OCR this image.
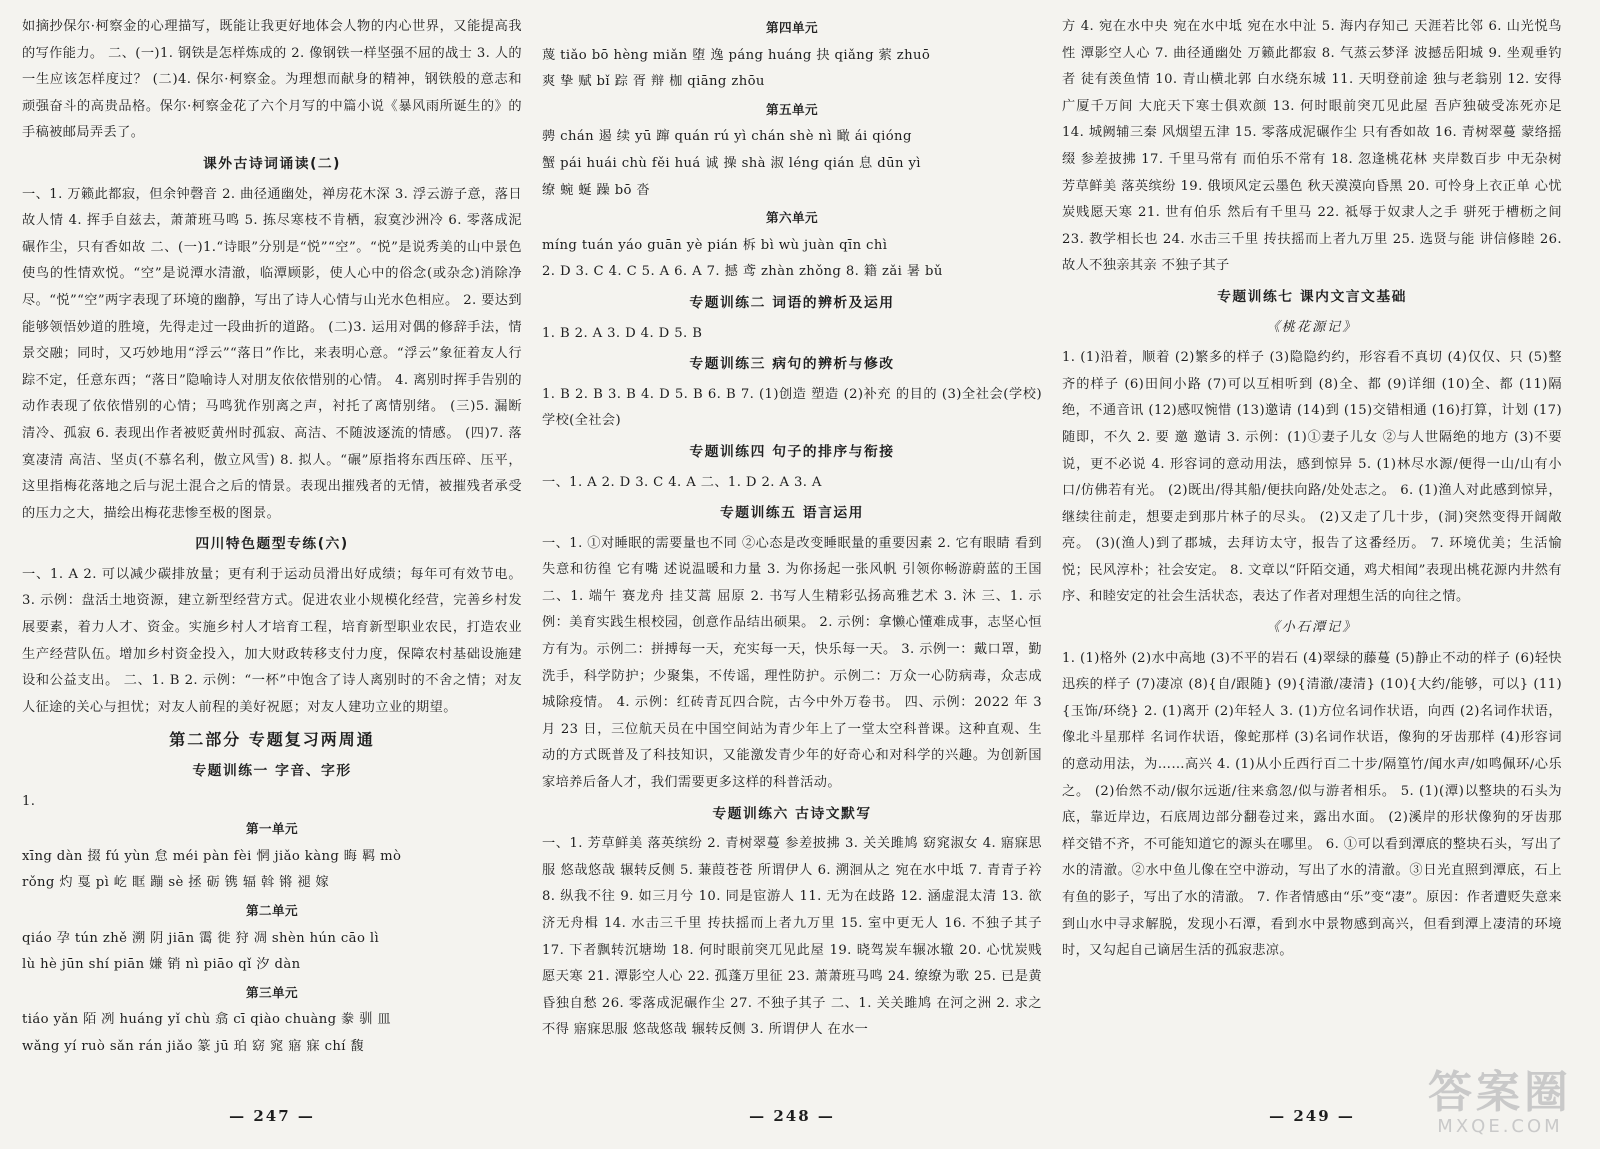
如摘抄保尔·柯察金的心理描写，既能让我更好地体会人物的内心世界，又能提高我的写作能力。 二、(一)1. 钢铁是怎样炼成的 2. 像钢铁一样坚强不屈的战士 3. 人的一生应该怎样度过？ (二)4. 保尔·柯察金。为理想而献身的精神，钢铁般的意志和顽强奋斗的高贵品格。保尔·柯察金花了六个月写的中篇小说《暴风雨所诞生的》的手稿被邮局弄丢了。

课外古诗词诵读(二)

一、1. 万籁此都寂，但余钟磬音 2. 曲径通幽处，禅房花木深 3. 浮云游子意，落日故人情 4. 挥手自兹去，萧萧班马鸣 5. 拣尽寒枝不肯栖，寂寞沙洲冷 6. 零落成泥碾作尘，只有香如故 二、(一)1.“诗眼”分别是“悦”“空”。“悦”是说秀美的山中景色使鸟的性情欢悦。“空”是说潭水清澈，临潭顾影，使人心中的俗念(或杂念)消除净尽。“悦”“空”两字表现了环境的幽静，写出了诗人心情与山光水色相应。 2. 要达到能够领悟妙道的胜境，先得走过一段曲折的道路。 (二)3. 运用对偶的修辞手法，情景交融；同时，又巧妙地用“浮云”“落日”作比，来表明心意。“浮云”象征着友人行踪不定，任意东西；“落日”隐喻诗人对朋友依依惜别的心情。 4. 离别时挥手告别的动作表现了依依惜别的心情；马鸣犹作别离之声，衬托了离情别绪。 (三)5. 漏断 清冷、孤寂 6. 表现出作者被贬黄州时孤寂、高洁、不随波逐流的情感。 (四)7. 落寞凄清 高洁、坚贞(不慕名利，傲立风雪) 8. 拟人。“碾”原指将东西压碎、压平，这里指梅花落地之后与泥土混合之后的情景。表现出摧残者的无情，被摧残者承受的压力之大，描绘出梅花悲惨至极的图景。

四川特色题型专练(六)

一、1. A 2. 可以减少碳排放量；更有利于运动员滑出好成绩；每年可有效节电。 3. 示例：盘活土地资源，建立新型经营方式。促进农业小规模化经营，完善乡村发展要素，着力人才、资金。实施乡村人才培育工程，培育新型职业农民，打造农业生产经营队伍。增加乡村资金投入，加大财政转移支付力度，保障农村基础设施建设和公益支出。 二、1. B 2. 示例：“一杯”中饱含了诗人离别时的不舍之情；对友人征途的关心与担忧；对友人前程的美好祝愿；对友人建功立业的期望。

第二部分 专题复习两周通
专题训练一 字音、字形

1.

第一单元
xīng dàn 掇 fú yùn 怠 méi pàn fèi 惘 jiǎo kàng 晦 羁 mò
rǒng 灼 戛 pì 屹 眶 蹦 sè 拯 砺 镌 辐 斡 锵 褪 嫁
第二单元
qiáo 孕 tún zhě 溯 阴 jiān 霭 徙 狩 凋 shèn hún cāo lì
lù hè jūn shí piān 嫌 销 nì piāo qǐ 汐 dàn
第三单元
tiáo yǎn 陌 冽 huáng yǐ chù 翕 cī qiào chuàng 豢 驯 皿
wǎng yí ruò sǎn rán jiǎo 篆 jū 珀 窈 窕 寤 寐 chí 馥
— 247 —
第四单元
蔑 tiǎo bō hèng miǎn 堕 逸 páng huáng 抉 qiǎng 萦 zhuō
爽 挚 赋 bǐ 踪 胥 辩 枷 qiāng zhōu
第五单元
骋 chán 遏 续 yū 蹿 quán rú yì chán shè nì 瞰 ái qióng
蟹 pái huái chù fěi huá 诚 操 shà 淑 léng qián 息 dūn yì
缭 蜿 蜒 躁 bō 沓
第六单元
míng tuán yáo guān yè pián 柝 bì wù juàn qīn chì
2. D 3. C 4. C 5. A 6. A 7. 撼 鸢 zhàn zhǒng 8. 籍 zǎi 暑 bǔ
专题训练二 词语的辨析及运用
1. B 2. A 3. D 4. D 5. B
专题训练三 病句的辨析与修改

1. B 2. B 3. B 4. D 5. B 6. B 7. (1)创造 塑造 (2)补充 的目的 (3)全社会(学校) 学校(全社会)

专题训练四 句子的排序与衔接
一、1. A 2. D 3. C 4. A 二、1. D 2. A 3. A
专题训练五 语言运用

一、1. ①对睡眠的需要量也不同 ②心态是改变睡眠量的重要因素 2. 它有眼睛 看到失意和彷徨 它有嘴 述说温暖和力量 3. 为你扬起一张风帆 引领你畅游蔚蓝的王国 二、1. 端午 赛龙舟 挂艾蒿 屈原 2. 书写人生精彩弘扬高雅艺术 3. 沐 三、1. 示例：美育实践生根校园，创意作品结出硕果。 2. 示例：拿懒心懂难成事，志坚心恒方有为。示例二：拼搏每一天，充实每一天，快乐每一天。 3. 示例一：戴口罩，勤洗手，科学防护；少聚集，不传谣，理性防护。示例二：万众一心防病毒，众志成城除疫情。 4. 示例：红砖青瓦四合院，古今中外万卷书。 四、示例：2022 年 3 月 23 日，三位航天员在中国空间站为青少年上了一堂太空科普课。这种直观、生动的方式既普及了科技知识，又能激发青少年的好奇心和对科学的兴趣。为创新国家培养后备人才，我们需要更多这样的科普活动。

专题训练六 古诗文默写

一、1. 芳草鲜美 落英缤纷 2. 青树翠蔓 参差披拂 3. 关关雎鸠 窈窕淑女 4. 寤寐思服 悠哉悠哉 辗转反侧 5. 蒹葭苍苍 所谓伊人 6. 溯洄从之 宛在水中坻 7. 青青子衿 8. 纵我不往 9. 如三月兮 10. 同是宦游人 11. 无为在歧路 12. 涵虚混太清 13. 欲济无舟楫 14. 水击三千里 抟扶摇而上者九万里 15. 室中更无人 16. 不独子其子 17. 下者飘转沉塘坳 18. 何时眼前突兀见此屋 19. 晓驾炭车辗冰辙 20. 心忧炭贱愿天寒 21. 潭影空人心 22. 孤蓬万里征 23. 萧萧班马鸣 24. 缭缭为歌 25. 已是黄昏独自愁 26. 零落成泥碾作尘 27. 不独子其子 二、1. 关关雎鸠 在河之洲 2. 求之不得 寤寐思服 悠哉悠哉 辗转反侧 3. 所谓伊人 在水一

— 248 —

方 4. 宛在水中央 宛在水中坻 宛在水中沚 5. 海内存知己 天涯若比邻 6. 山光悦鸟性 潭影空人心 7. 曲径通幽处 万籁此都寂 8. 气蒸云梦泽 波撼岳阳城 9. 坐观垂钓者 徒有羡鱼情 10. 青山横北郭 白水绕东城 11. 天明登前途 独与老翁别 12. 安得广厦千万间 大庇天下寒士俱欢颜 13. 何时眼前突兀见此屋 吾庐独破受冻死亦足 14. 城阙辅三秦 风烟望五津 15. 零落成泥碾作尘 只有香如故 16. 青树翠蔓 蒙络摇缀 参差披拂 17. 千里马常有 而伯乐不常有 18. 忽逢桃花林 夹岸数百步 中无杂树 芳草鲜美 落英缤纷 19. 俄顷风定云墨色 秋天漠漠向昏黑 20. 可怜身上衣正单 心忧炭贱愿天寒 21. 世有伯乐 然后有千里马 22. 祗辱于奴隶人之手 骈死于槽枥之间 23. 教学相长也 24. 水击三千里 抟扶摇而上者九万里 25. 选贤与能 讲信修睦 26. 故人不独亲其亲 不独子其子

专题训练七 课内文言文基础
《桃花源记》

1. (1)沿着，顺着 (2)繁多的样子 (3)隐隐约约，形容看不真切 (4)仅仅、只 (5)整齐的样子 (6)田间小路 (7)可以互相听到 (8)全、都 (9)详细 (10)全、都 (11)隔绝，不通音讯 (12)感叹惋惜 (13)邀请 (14)到 (15)交错相通 (16)打算，计划 (17)随即，不久 2. 要 邀 邀请 3. 示例：(1)①妻子儿女 ②与人世隔绝的地方 (3)不要说，更不必说 4. 形容词的意动用法，感到惊异 5. (1)林尽水源/便得一山/山有小口/仿佛若有光。 (2)既出/得其船/便扶向路/处处志之。 6. (1)渔人对此感到惊异，继续往前走，想要走到那片林子的尽头。 (2)又走了几十步，(洞)突然变得开阔敞亮。 (3)(渔人)到了郡城，去拜访太守，报告了这番经历。 7. 环境优美；生活愉悦；民风淳朴；社会安定。 8. 文章以“阡陌交通，鸡犬相闻”表现出桃花源内井然有序、和睦安定的社会生活状态，表达了作者对理想生活的向往之情。

《小石潭记》

1. (1)格外 (2)水中高地 (3)不平的岩石 (4)翠绿的藤蔓 (5)静止不动的样子 (6)轻快迅疾的样子 (7)凄凉 (8){自/跟随} (9){清澈/凄清} (10){大约/能够，可以} (11){玉饰/环绕} 2. (1)离开 (2)年轻人 3. (1)方位名词作状语，向西 (2)名词作状语，像北斗星那样 名词作状语，像蛇那样 (3)名词作状语，像狗的牙齿那样 (4)形容词的意动用法，为……高兴 4. (1)从小丘西行百二十步/隔篁竹/闻水声/如鸣佩环/心乐之。 (2)佁然不动/俶尔远逝/往来翕忽/似与游者相乐。 5. (1)(潭)以整块的石头为底，靠近岸边，石底周边部分翻卷过来，露出水面。 (2)溪岸的形状像狗的牙齿那样交错不齐，不可能知道它的源头在哪里。 6. ①可以看到潭底的整块石头，写出了水的清澈。②水中鱼儿像在空中游动，写出了水的清澈。③日光直照到潭底，石上有鱼的影子，写出了水的清澈。 7. 作者情感由“乐”变“凄”。原因：作者遭贬失意来到山水中寻求解脱，发现小石潭，看到水中景物感到高兴，但看到潭上凄清的环境时，又勾起自己谪居生活的孤寂悲凉。

— 249 —	答案圈
MXQE.COM
